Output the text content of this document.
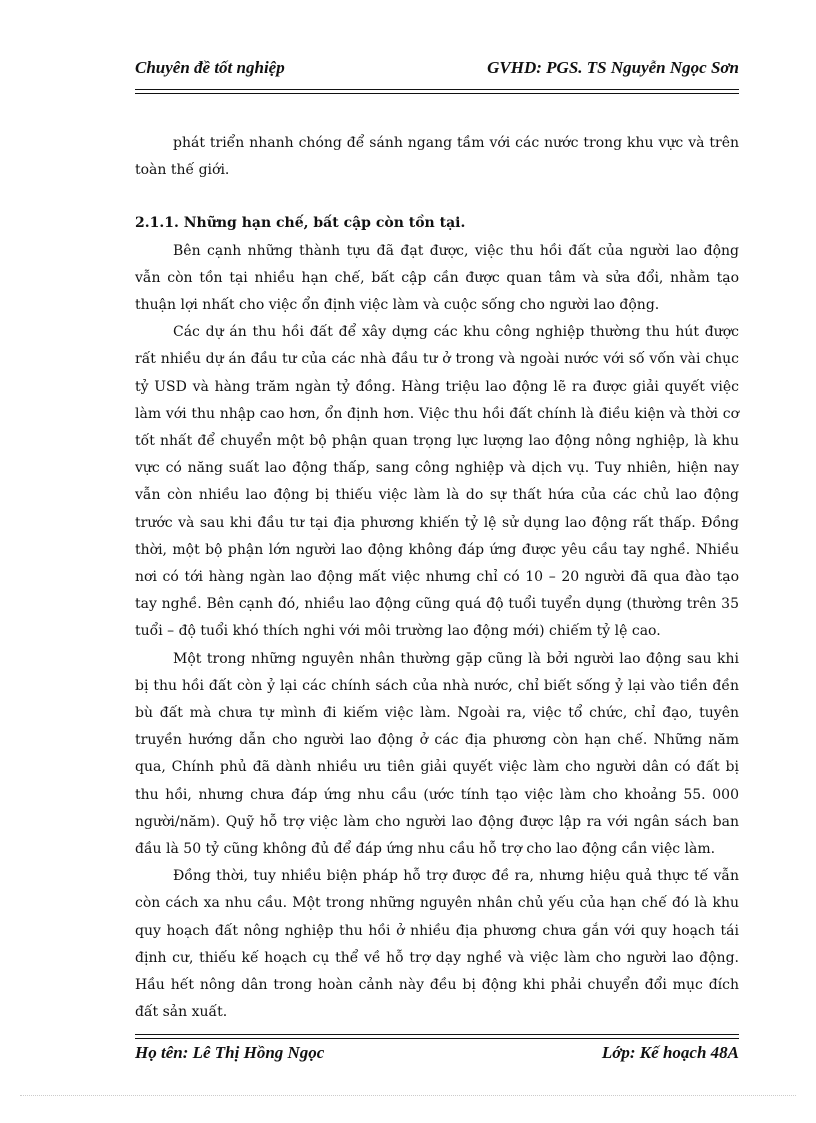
Chuyên đề tốt nghiệp	GVHD: PGS. TS Nguyễn Ngọc Sơn

phát triển nhanh chóng để sánh ngang tầm với các nước trong khu vực và trên toàn thế giới.

2.1.1. Những hạn chế, bất cập còn tồn tại.

Bên cạnh những thành tựu đã đạt được, việc thu hồi đất của người lao động vẫn còn tồn tại nhiều hạn chế, bất cập cần được quan tâm và sửa đổi, nhằm tạo thuận lợi nhất cho việc ổn định việc làm và cuộc sống cho người lao động.

Các dự án thu hồi đất để xây dựng các khu công nghiệp thường thu hút được rất nhiều dự án đầu tư của các nhà đầu tư ở trong và ngoài nước với số vốn vài chục tỷ USD và hàng trăm ngàn tỷ đồng. Hàng triệu lao động lẽ ra được giải quyết việc làm với thu nhập cao hơn, ổn định hơn. Việc thu hồi đất chính là điều kiện và thời cơ tốt nhất để chuyển một bộ phận quan trọng lực lượng lao động nông nghiệp, là khu vực có năng suất lao động thấp, sang công nghiệp và dịch vụ. Tuy nhiên, hiện nay vẫn còn nhiều lao động bị thiếu việc làm là do sự thất hứa của các chủ lao động trước và sau khi đầu tư tại địa phương khiến tỷ lệ sử dụng lao động rất thấp. Đồng thời, một bộ phận lớn người lao động không đáp ứng được yêu cầu tay nghề. Nhiều nơi có tới hàng ngàn lao động mất việc nhưng chỉ có 10 – 20 người đã qua đào tạo tay nghề. Bên cạnh đó, nhiều lao động cũng quá độ tuổi tuyển dụng (thường trên 35 tuổi – độ tuổi khó thích nghi với môi trường lao động mới) chiếm tỷ lệ cao.

Một trong những nguyên nhân thường gặp cũng là bởi người lao động sau khi bị thu hồi đất còn ỷ lại các chính sách của nhà nước, chỉ biết sống ỷ lại vào tiền đền bù đất mà chưa tự mình đi kiếm việc làm. Ngoài ra, việc tổ chức, chỉ đạo, tuyên truyền hướng dẫn cho người lao động ở các địa phương còn hạn chế. Những năm qua, Chính phủ đã dành nhiều ưu tiên giải quyết việc làm cho người dân có đất bị thu hồi, nhưng chưa đáp ứng nhu cầu (ước tính tạo việc làm cho khoảng 55. 000 người/năm). Quỹ hỗ trợ việc làm cho người lao động được lập ra với ngân sách ban đầu là 50 tỷ cũng không đủ để đáp ứng nhu cầu hỗ trợ cho lao động cần việc làm.

Đồng thời, tuy nhiều biện pháp hỗ trợ được đề ra, nhưng hiệu quả thực tế vẫn còn cách xa nhu cầu. Một trong những nguyên nhân chủ yếu của hạn chế đó là khu quy hoạch đất nông nghiệp thu hồi ở nhiều địa phương chưa gắn với quy hoạch tái định cư, thiếu kế hoạch cụ thể về hỗ trợ dạy nghề và việc làm cho người lao động. Hầu hết nông dân trong hoàn cảnh này đều bị động khi phải chuyển đổi mục đích đất sản xuất.

Họ tên: Lê Thị Hồng Ngọc	Lớp: Kế hoạch 48A
